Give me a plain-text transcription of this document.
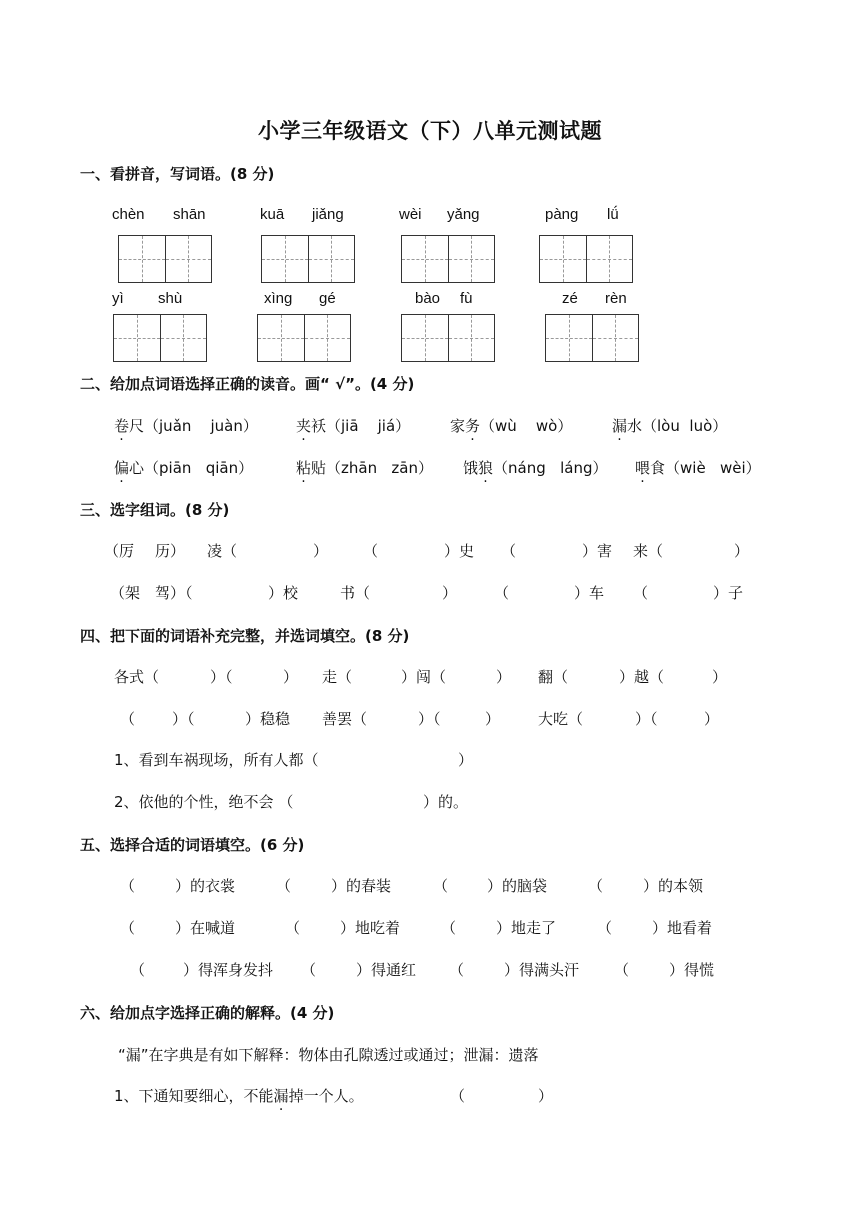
小学三年级语文（下）八单元测试题
一、看拼音，写词语。(8 分)
chèn shān	kuā jiǎng	wèi yǎng	pàng lǘ
yì shù	xìng gé	bào fù	zé rèn
二、给加点词语选择正确的读音。画“ √”。(4 分)
卷尺（juǎn juàn）	夹袄（jiā jiá）	家务（wù wò）	漏水（lòu luò）
偏心（piān qiān）	粘贴（zhān zān） 饿狼（náng láng） 喂食（wiè wèi）
三、选字组词。(8 分)
（厉 历） 凌（	） （	）史 （	）害 来（	）
（架 驾）（	）校	书（	） （	）车 （	）子
四、把下面的词语补充完整，并选词填空。(8 分)
各式（	）（	） 走（	）闯（	） 翻（	）越（	）
（ ）（	）稳稳 善罢（	）（	）	大吃（	）（	）
1、看到车祸现场，所有人都（	）
2、依他的个性，绝不会 （	）的。
五、选择合适的词语填空。(6 分)
（	）的衣裳	（	）的春装	（	）的脑袋	（	）的本领
（	）在喊道	（	）地吃着	（	）地走了	（	）地看着
（	）得浑身发抖 （	）得通红 （	）得满头汗 （	）得慌
六、给加点字选择正确的解释。(4 分)
“漏”在字典是有如下解释：物体由孔隙透过或通过；泄漏：遗落
1、下通知要细心，不能漏掉一个人。	（	）
